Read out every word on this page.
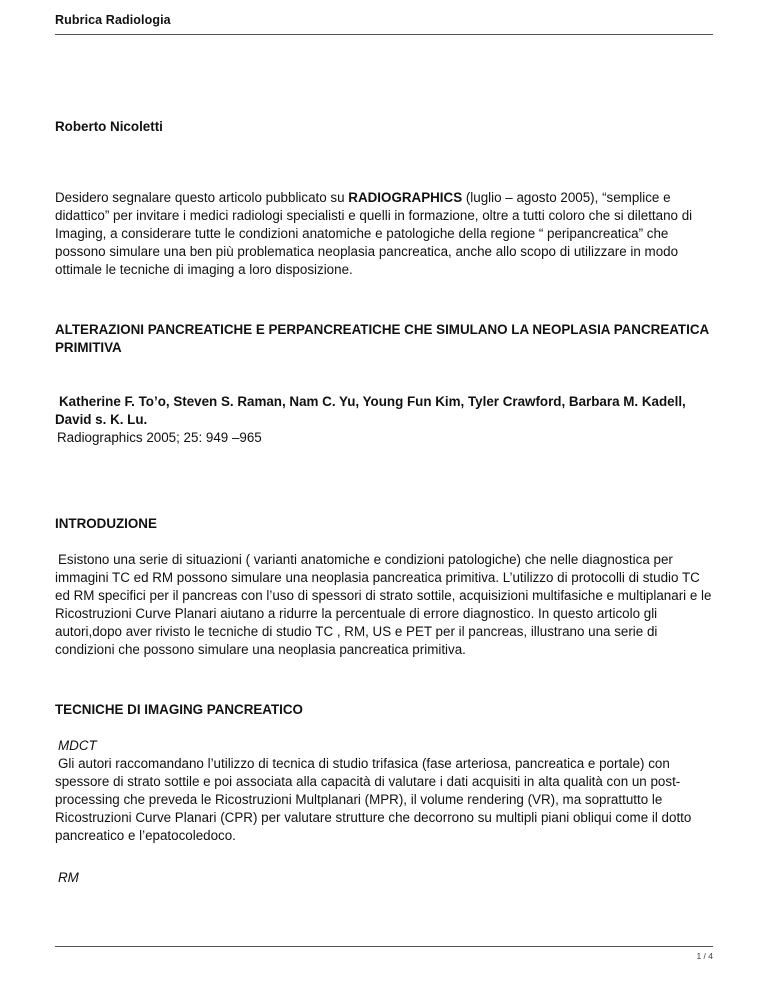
Rubrica Radiologia

Roberto Nicoletti

Desidero segnalare questo articolo pubblicato su RADIOGRAPHICS (luglio – agosto 2005), “semplice e didattico” per invitare i medici radiologi specialisti e quelli in formazione, oltre a tutti coloro che si dilettano di Imaging, a considerare tutte le condizioni anatomiche e patologiche della regione “ peripancreatica” che possono simulare una ben più problematica neoplasia pancreatica, anche allo scopo di utilizzare in modo ottimale le tecniche di imaging a loro disposizione.

ALTERAZIONI PANCREATICHE E PERPANCREATICHE CHE SIMULANO LA NEOPLASIA PANCREATICA PRIMITIVA

Katherine F. To’o, Steven S. Raman, Nam C. Yu, Young Fun Kim, Tyler Crawford, Barbara M. Kadell, David s. K. Lu.

Radiographics 2005; 25: 949 –965

INTRODUZIONE

Esistono una serie di situazioni ( varianti anatomiche e condizioni patologiche) che nelle diagnostica per immagini TC ed RM possono simulare una neoplasia pancreatica primitiva. L’utilizzo di protocolli di studio TC ed RM specifici per il pancreas con l’uso di spessori di strato sottile, acquisizioni multifasiche e multiplanari e le Ricostruzioni Curve Planari aiutano a ridurre la percentuale di errore diagnostico. In questo articolo gli autori,dopo aver rivisto le tecniche di studio TC , RM, US e PET per il pancreas, illustrano una serie di condizioni che possono simulare una neoplasia pancreatica primitiva.

TECNICHE DI IMAGING PANCREATICO

MDCT

Gli autori raccomandano l’utilizzo di tecnica di studio trifasica (fase arteriosa, pancreatica e portale) con spessore di strato sottile e poi associata alla capacità di valutare i dati acquisiti in alta qualità con un post- processing che preveda le Ricostruzioni Multplanari (MPR), il volume rendering (VR), ma soprattutto le Ricostruzioni Curve Planari (CPR) per valutare strutture che decorrono su multipli piani obliqui come il dotto pancreatico e l’epatocoledoco.

RM

1 / 4
